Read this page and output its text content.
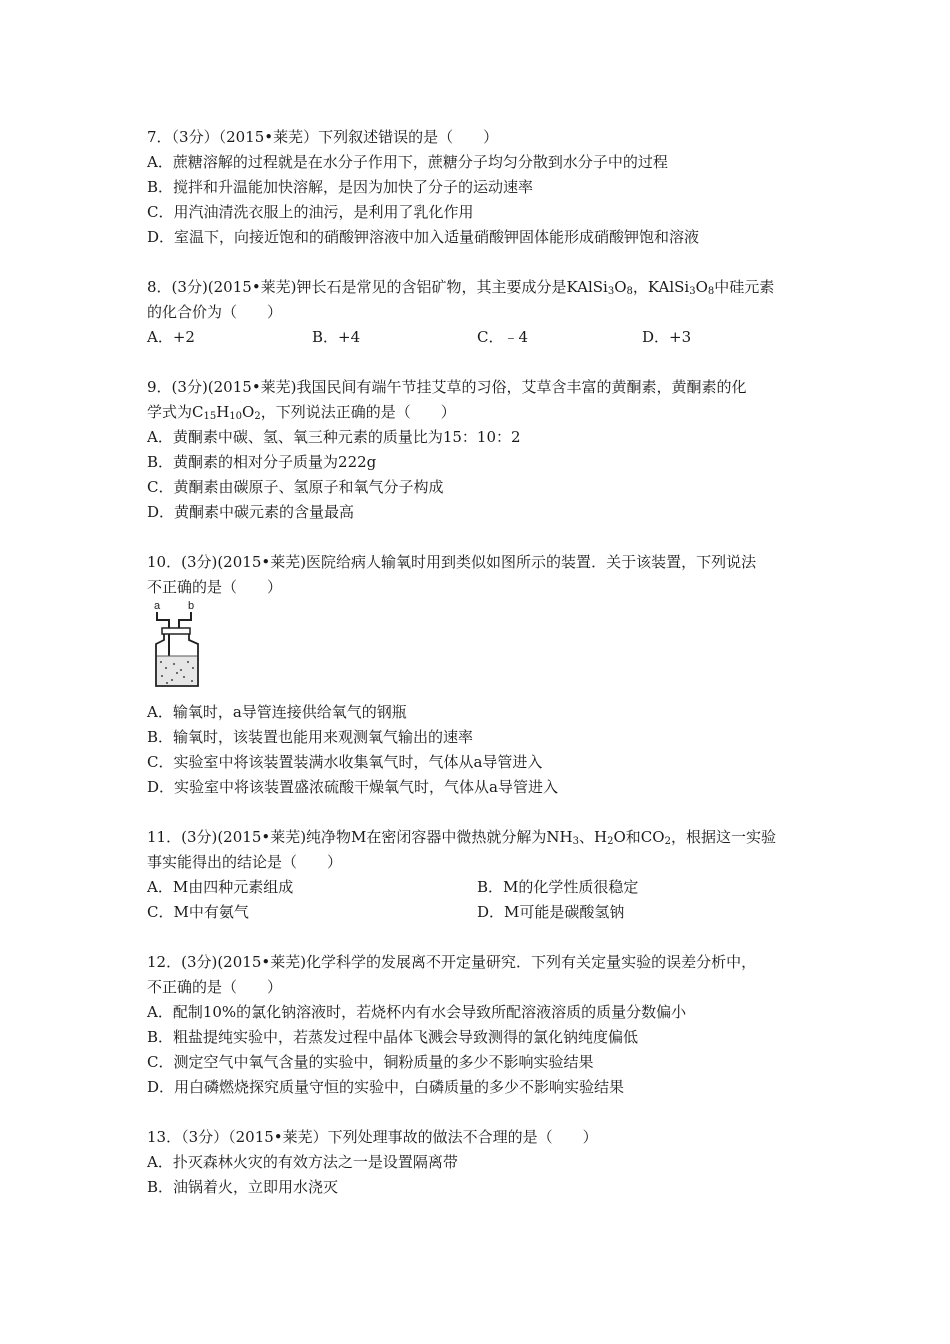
7．（3分）（2015•莱芜）下列叙述错误的是（　　）
A．蔗糖溶解的过程就是在水分子作用下，蔗糖分子均匀分散到水分子中的过程
B．搅拌和升温能加快溶解，是因为加快了分子的运动速率
C．用汽油清洗衣服上的油污，是利用了乳化作用
D．室温下，向接近饱和的硝酸钾溶液中加入适量硝酸钾固体能形成硝酸钾饱和溶液
8．(3分)(2015•莱芜)钾长石是常见的含铝矿物，其主要成分是$KAlSi_3O_8$，$KAlSi_3O_8$中硅元素
的化合价为（　　）
A．+2	B．+4	C．﹣4	D．+3
9．(3分)(2015•莱芜)我国民间有端午节挂艾草的习俗，艾草含丰富的黄酮素，黄酮素的化
学式为$C_{15}H_{10}O_2$，下列说法正确的是（　　）
A．黄酮素中碳、氢、氧三种元素的质量比为15：10：2
B．黄酮素的相对分子质量为222g
C．黄酮素由碳原子、氢原子和氧气分子构成
D．黄酮素中碳元素的含量最高
10．(3分)(2015•莱芜)医院给病人输氧时用到类似如图所示的装置．关于该装置，下列说法
不正确的是（　　）
a	b
A．输氧时，a导管连接供给氧气的钢瓶
B．输氧时，该装置也能用来观测氧气输出的速率
C．实验室中将该装置装满水收集氧气时，气体从a导管进入
D．实验室中将该装置盛浓硫酸干燥氧气时，气体从a导管进入
11．(3分)(2015•莱芜)纯净物M在密闭容器中微热就分解为$NH_3$、$H_2O$和$CO_2$，根据这一实验
事实能得出的结论是（　　）
A．M由四种元素组成	B．M的化学性质很稳定
C．M中有氨气	D．M可能是碳酸氢钠
12．(3分)(2015•莱芜)化学科学的发展离不开定量研究．下列有关定量实验的误差分析中，
不正确的是（　　）
A．配制10%的氯化钠溶液时，若烧杯内有水会导致所配溶液溶质的质量分数偏小
B．粗盐提纯实验中，若蒸发过程中晶体飞溅会导致测得的氯化钠纯度偏低
C．测定空气中氧气含量的实验中，铜粉质量的多少不影响实验结果
D．用白磷燃烧探究质量守恒的实验中，白磷质量的多少不影响实验结果
13．（3分）（2015•莱芜）下列处理事故的做法不合理的是（　　）
A．扑灭森林火灾的有效方法之一是设置隔离带
B．油锅着火，立即用水浇灭
